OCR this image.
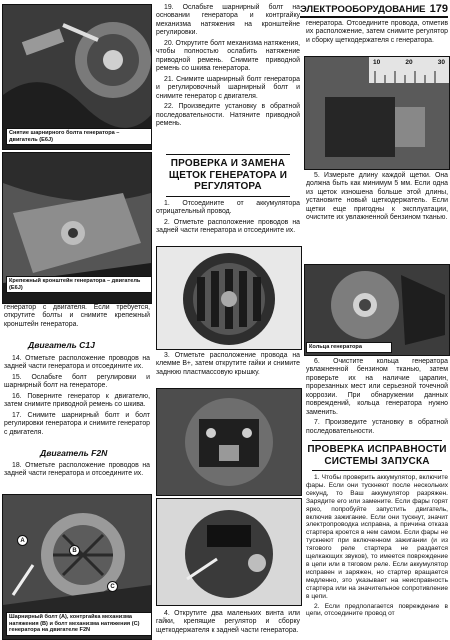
ЭЛЕКТРООБОРУДОВАНИЕ 179
Снятие шарнирного болта генератора – двигатель (E6J)
Крепежный кронштейн генератора – двигатель (E6J)

генератор с двигателя. Если требуется, открутите болты и снимите крепежный кронштейн генератора.

Двигатель C1J

14. Отметьте расположение проводов на задней части генератора и отсоедините их.

15. Ослабьте болт регулировки и шарнирный болт на генераторе.

16. Поверните генератор к двигателю, затем снимите приводной ремень со шкива.

17. Снимите шарнирный болт и болт регулировки генератора и снимите генератор с двигателя.

Двигатель F2N

18. Отметьте расположение проводов на задней части генератора и отсоедините их.

A
B
C
Шарнирный болт (A), контргайка механизма натяжения (B) и болт механизма натяжения (C) генератора на двигателе F2N

19. Ослабьте шарнирный болт на основании генератора и контргайку механизма натяжения на кронштейне регулировки.

20. Открутите болт механизма натяжения, чтобы полностью ослабить натяжение приводной ремень. Снимите приводной ремень со шкива генератора.

21. Снимите шарнирный болт генератора и регулировочный шарнирный болт и снимите генератор с двигателя.

22. Произведите установку в обратной последовательности. Натяните приводной ремень.

ПРОВЕРКА И ЗАМЕНА ЩЕТОК ГЕНЕРАТОРА И РЕГУЛЯТОРА

1. Отсоедините от аккумулятора отрицательный провод.

2. Отметьте расположение проводов на задней части генератора и отсоедините их.

3. Отметьте расположение провода на клемме B+, затем открутите гайки и снимите заднюю пластмассовую крышку.

4. Открутите два маленьких винта или гайки, крепящие регулятор и сборку щеткодержателя к задней части генератора.

генератора. Отсоедините провода, отметив их расположение, затем снимите регулятор и сборку щеткодержателя с генератора.

10	20	30

5. Измерьте длину каждой щетки. Она должна быть как минимум 5 мм. Если одна из щеток изношена больше этой длины, установите новый щеткодержатель. Если щетки еще пригодны к эксплуатации, очистите их увлажненной бензином тканью.

Кольца генератора

6. Очистите кольца генератора увлажненной бензином тканью, затем проверьте их на наличие царапин, прорезанных мест или серьезной точечной коррозии. При обнаружении данных повреждений, кольца генератора нужно заменить.

7. Произведите установку в обратной последовательности.

ПРОВЕРКА ИСПРАВНОСТИ СИСТЕМЫ ЗАПУСКА

1. Чтобы проверить аккумулятор, включите фары. Если они тускнеют после нескольких секунд, то Ваш аккумулятор разряжен. Зарядите его или замените. Если фары горят ярко, попробуйте запустить двигатель, включив зажигание. Если они тускнут, значит электропроводка исправна, а причина отказа стартера кроется в нем самом. Если фары не тускнеют при включенном зажигании (и из тягового реле стартера не раздается щелкающих звуков), то имеется повреждение в цепи или в тяговом реле. Если аккумулятор исправен и заряжен, но стартер вращается медленно, это указывает на неисправность стартера или на значительное сопротивление в цепи.

2. Если предполагается повреждение в цепи, отсоедините провод от
